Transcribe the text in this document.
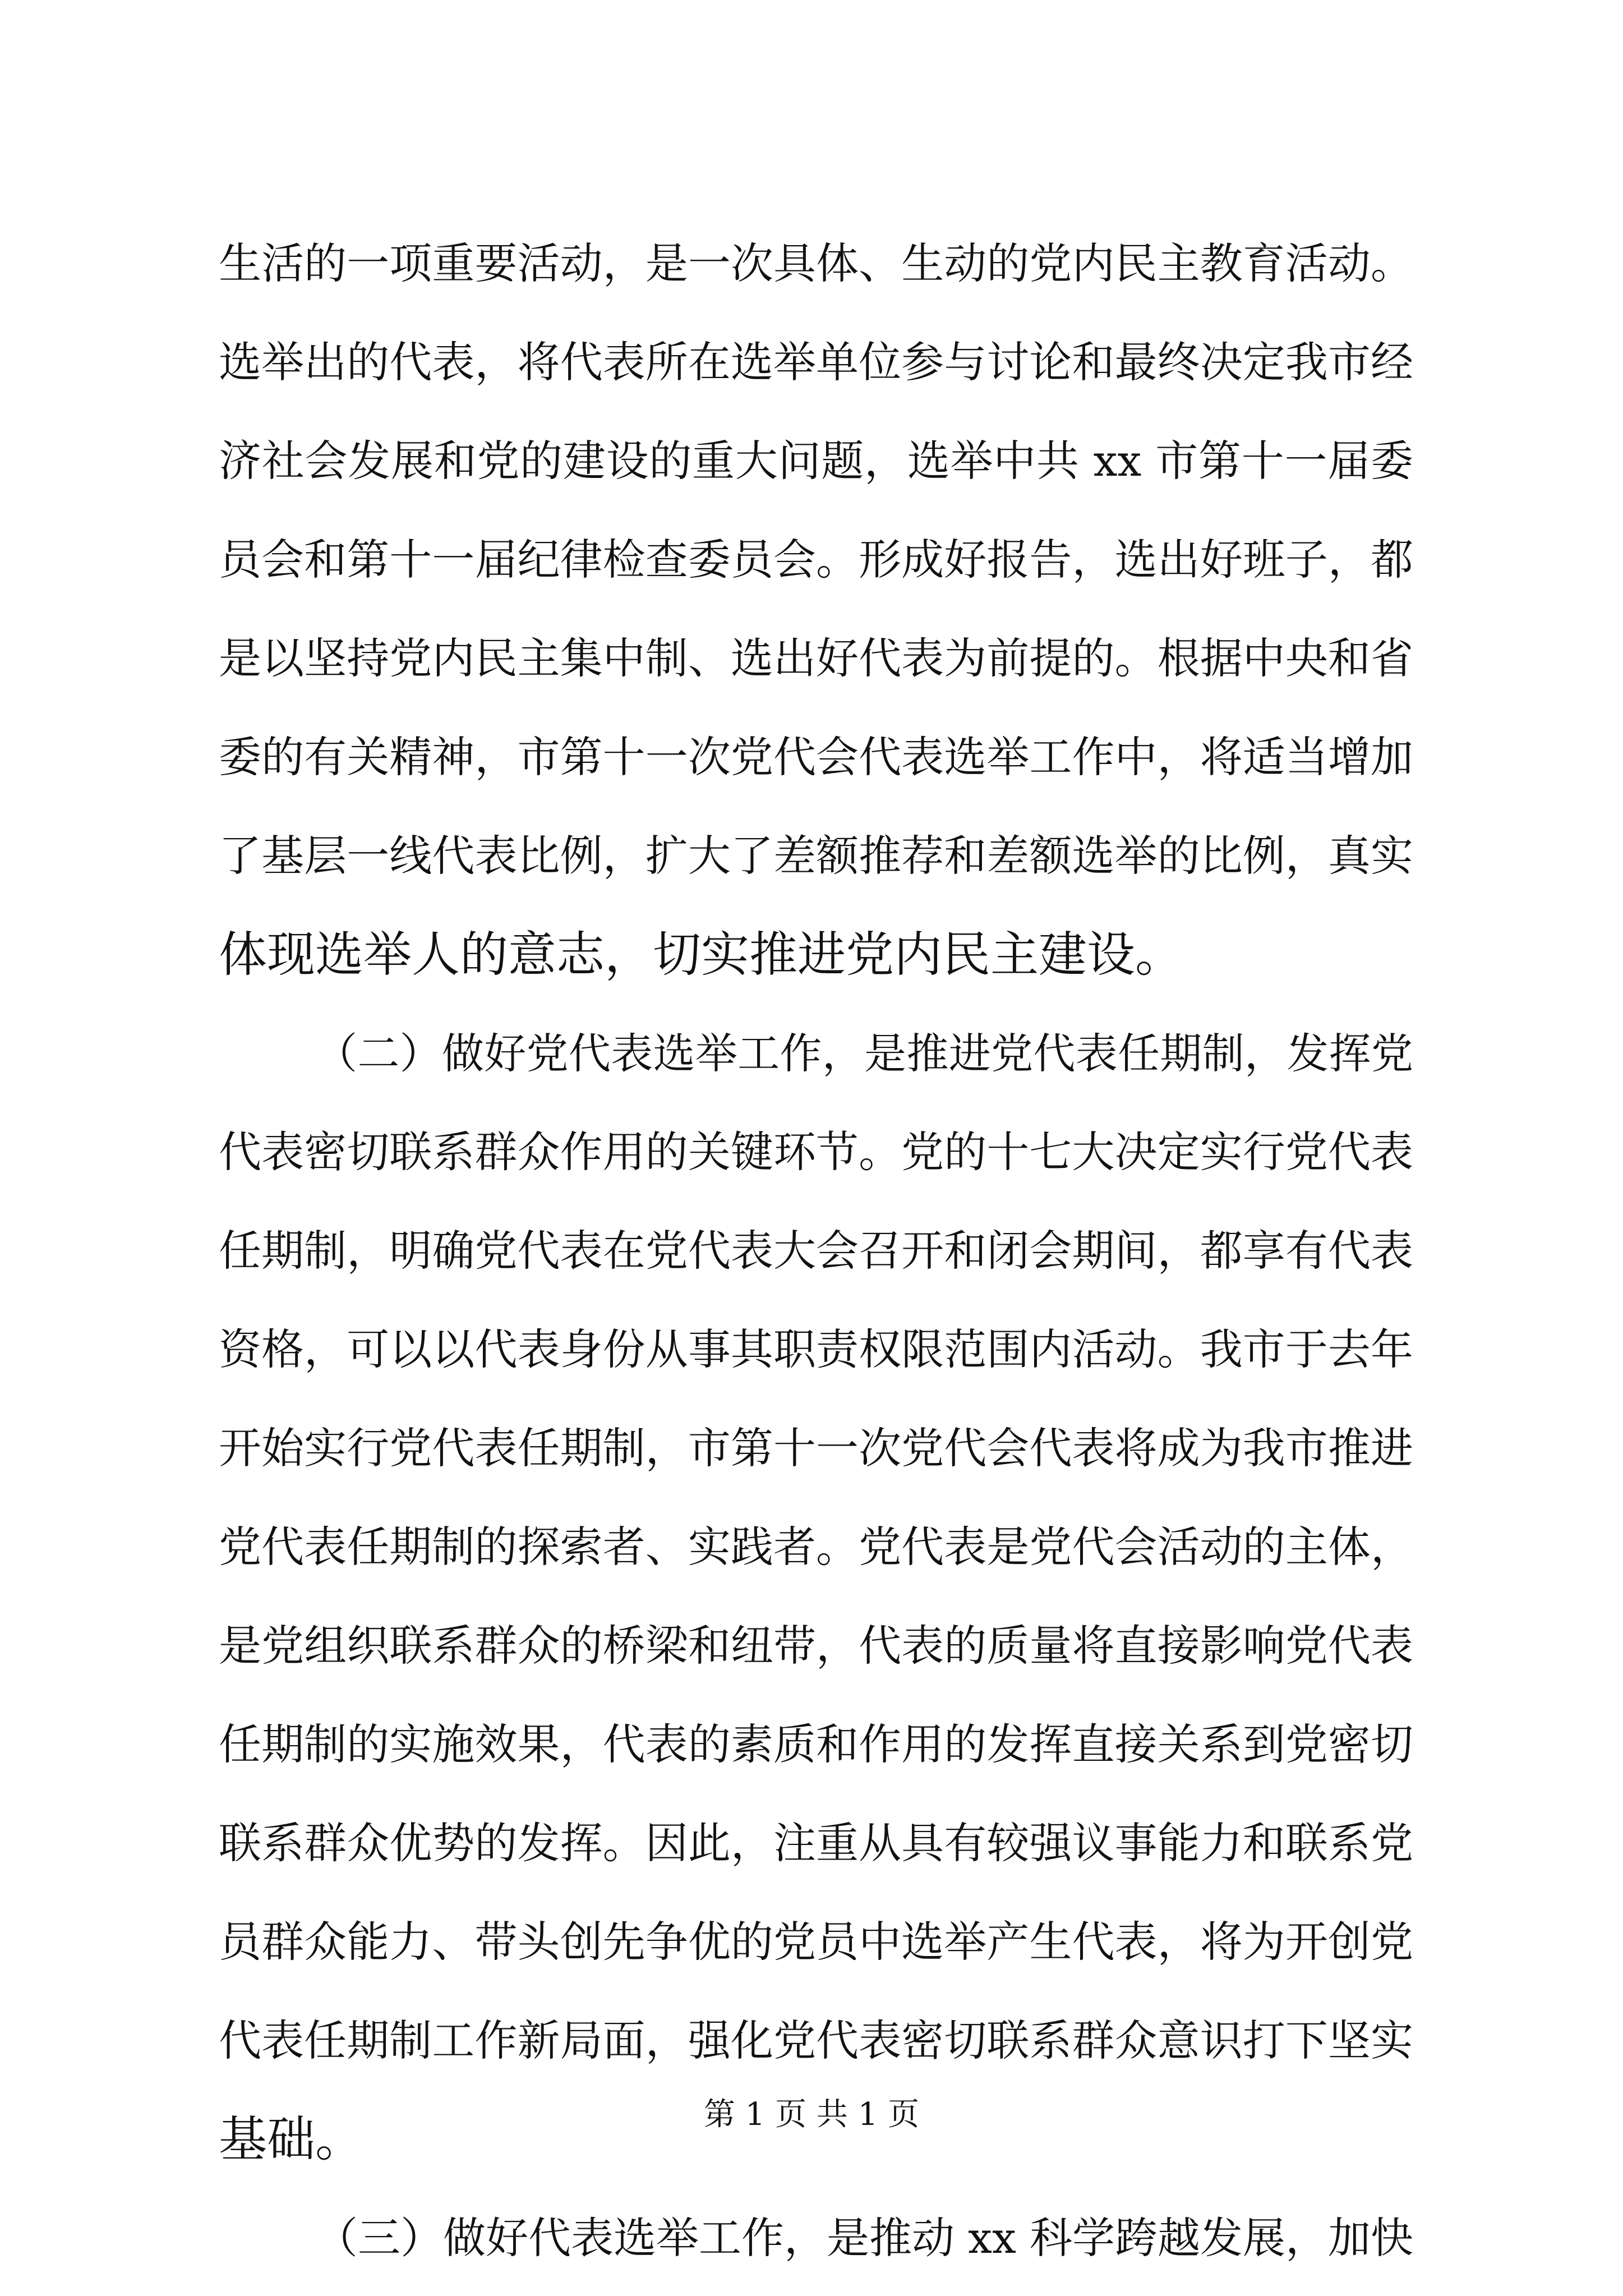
生活的一项重要活动，是一次具体、生动的党内民主教育活动。
选举出的代表，将代表所在选举单位参与讨论和最终决定我市经
济社会发展和党的建设的重大问题，选举中共 xx 市第十一届委
员会和第十一届纪律检查委员会。形成好报告，选出好班子，都
是以坚持党内民主集中制、选出好代表为前提的。根据中央和省
委的有关精神，市第十一次党代会代表选举工作中，将适当增加
了基层一线代表比例，扩大了差额推荐和差额选举的比例，真实
体现选举人的意志，切实推进党内民主建设。
（二）做好党代表选举工作，是推进党代表任期制，发挥党
代表密切联系群众作用的关键环节。党的十七大决定实行党代表
任期制，明确党代表在党代表大会召开和闭会期间，都享有代表
资格，可以以代表身份从事其职责权限范围内活动。我市于去年
开始实行党代表任期制，市第十一次党代会代表将成为我市推进
党代表任期制的探索者、实践者。党代表是党代会活动的主体，
是党组织联系群众的桥梁和纽带，代表的质量将直接影响党代表
任期制的实施效果，代表的素质和作用的发挥直接关系到党密切
联系群众优势的发挥。因此，注重从具有较强议事能力和联系党
员群众能力、带头创先争优的党员中选举产生代表，将为开创党
代表任期制工作新局面，强化党代表密切联系群众意识打下坚实
基础。
（三）做好代表选举工作，是推动 xx 科学跨越发展，加快
第 1 页 共 1 页
